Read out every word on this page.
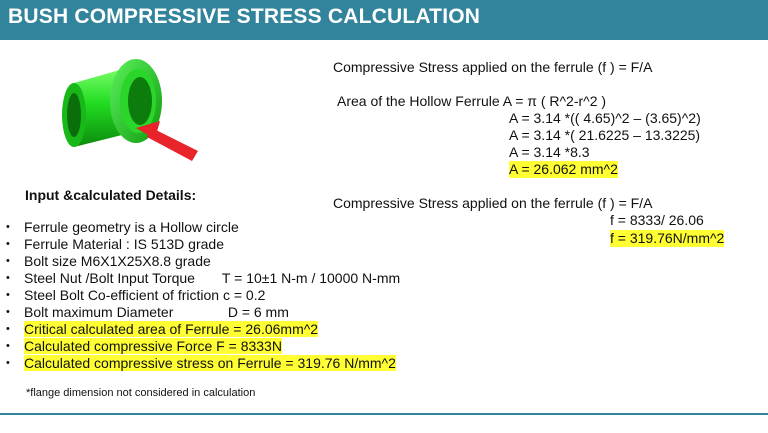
BUSH COMPRESSIVE STRESS CALCULATION
Compressive Stress applied on the ferrule (f ) = F/A
Area of the Hollow Ferrule A = π ( R^2-r^2 )
A = 3.14 *(( 4.65)^2 – (3.65)^2)
A = 3.14 *( 21.6225 – 13.3225)
A = 3.14 *8.3
A = 26.062 mm^2
Input &calculated Details:	Compressive Stress applied on the ferrule (f ) = F/A
f = 8333/ 26.06
f = 319.76N/mm^2
• Ferrule geometry is a Hollow circle
• Ferrule Material : IS 513D grade
• Bolt size M6X1X25X8.8 grade
• Steel Nut /Bolt Input Torque       T = 10±1 N-m / 10000 N-mm
• Steel Bolt Co-efficient of friction c = 0.2
• Bolt maximum Diameter              D = 6 mm
• Critical calculated area of Ferrule = 26.06mm^2
• Calculated compressive Force F = 8333N
• Calculated compressive stress on Ferrule = 319.76 N/mm^2
*flange dimension not considered in calculation
